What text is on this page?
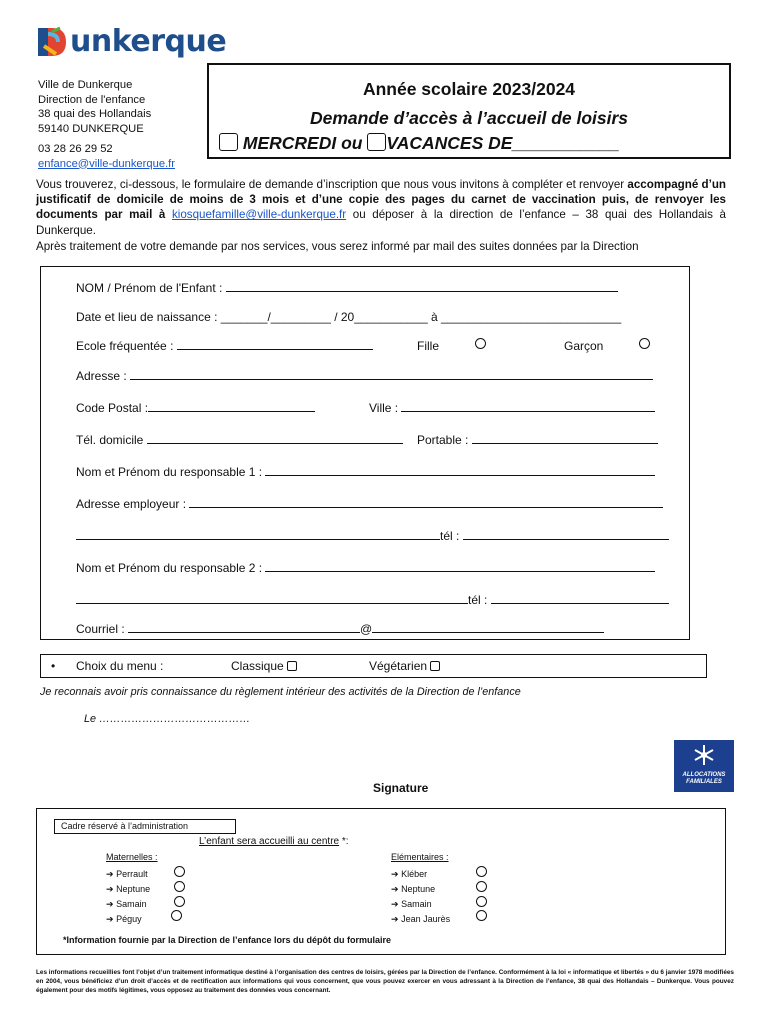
unkerque
Ville de Dunkerque
Direction de l'enfance
38 quai des Hollandais
59140 DUNKERQUE
03 28 26 29 52
enfance@ville-dunkerque.fr
Année scolaire 2023/2024
Demande d’accès à l’accueil de loisirs
MERCREDI ou VACANCES DE___________
Vous trouverez, ci-dessous, le formulaire de demande d’inscription que nous vous invitons à compléter et renvoyer accompagné d’un justificatif de domicile de moins de 3 mois et d’une copie des pages du carnet de vaccination puis, de renvoyer les documents par mail à kiosquefamille@ville-dunkerque.fr ou déposer à la direction de l’enfance – 38 quai des Hollandais à Dunkerque.
Après traitement de votre demande par nos services, vous serez informé par mail des suites données par la Direction
NOM / Prénom de l'Enfant :
Date et lieu de naissance : _______/_________ / 20___________ à ___________________________
Ecole fréquentée :	Fille	Garçon
Adresse :
Code Postal :	Ville :
Tél. domicile	Portable :
Nom et Prénom du responsable 1 :
Adresse employeur :
tél :
Nom et Prénom du responsable 2 :
tél :
Courriel :	@
• Choix du menu :	Classique	Végétarien
Je reconnais avoir pris connaissance du règlement intérieur des activités de la Direction de l’enfance
Le ……………………………………
ALLOCATIONS
FAMILIALES
Signature
Cadre réservé à l’administration
L’enfant sera accueilli au centre *:
Maternelles :	Elémentaires :
➔ Perrault
➔ Neptune
➔ Samain
➔ Péguy
➔ Kléber
➔ Neptune
➔ Samain
➔ Jean Jaurès
*Information fournie par la Direction de l’enfance lors du dépôt du formulaire
Les informations recueillies font l’objet d’un traitement informatique destiné à l’organisation des centres de loisirs, gérées par la Direction de l’enfance. Conformément à la loi « informatique et libertés » du 6 janvier 1978 modifiées en 2004, vous bénéficiez d’un droit d’accès et de rectification aux informations qui vous concernent, que vous pouvez exercer en vous adressant à la Direction de l’enfance, 38 quai des Hollandais – Dunkerque. Vous pouvez également pour des motifs légitimes, vous opposez au traitement des données vous concernant.
